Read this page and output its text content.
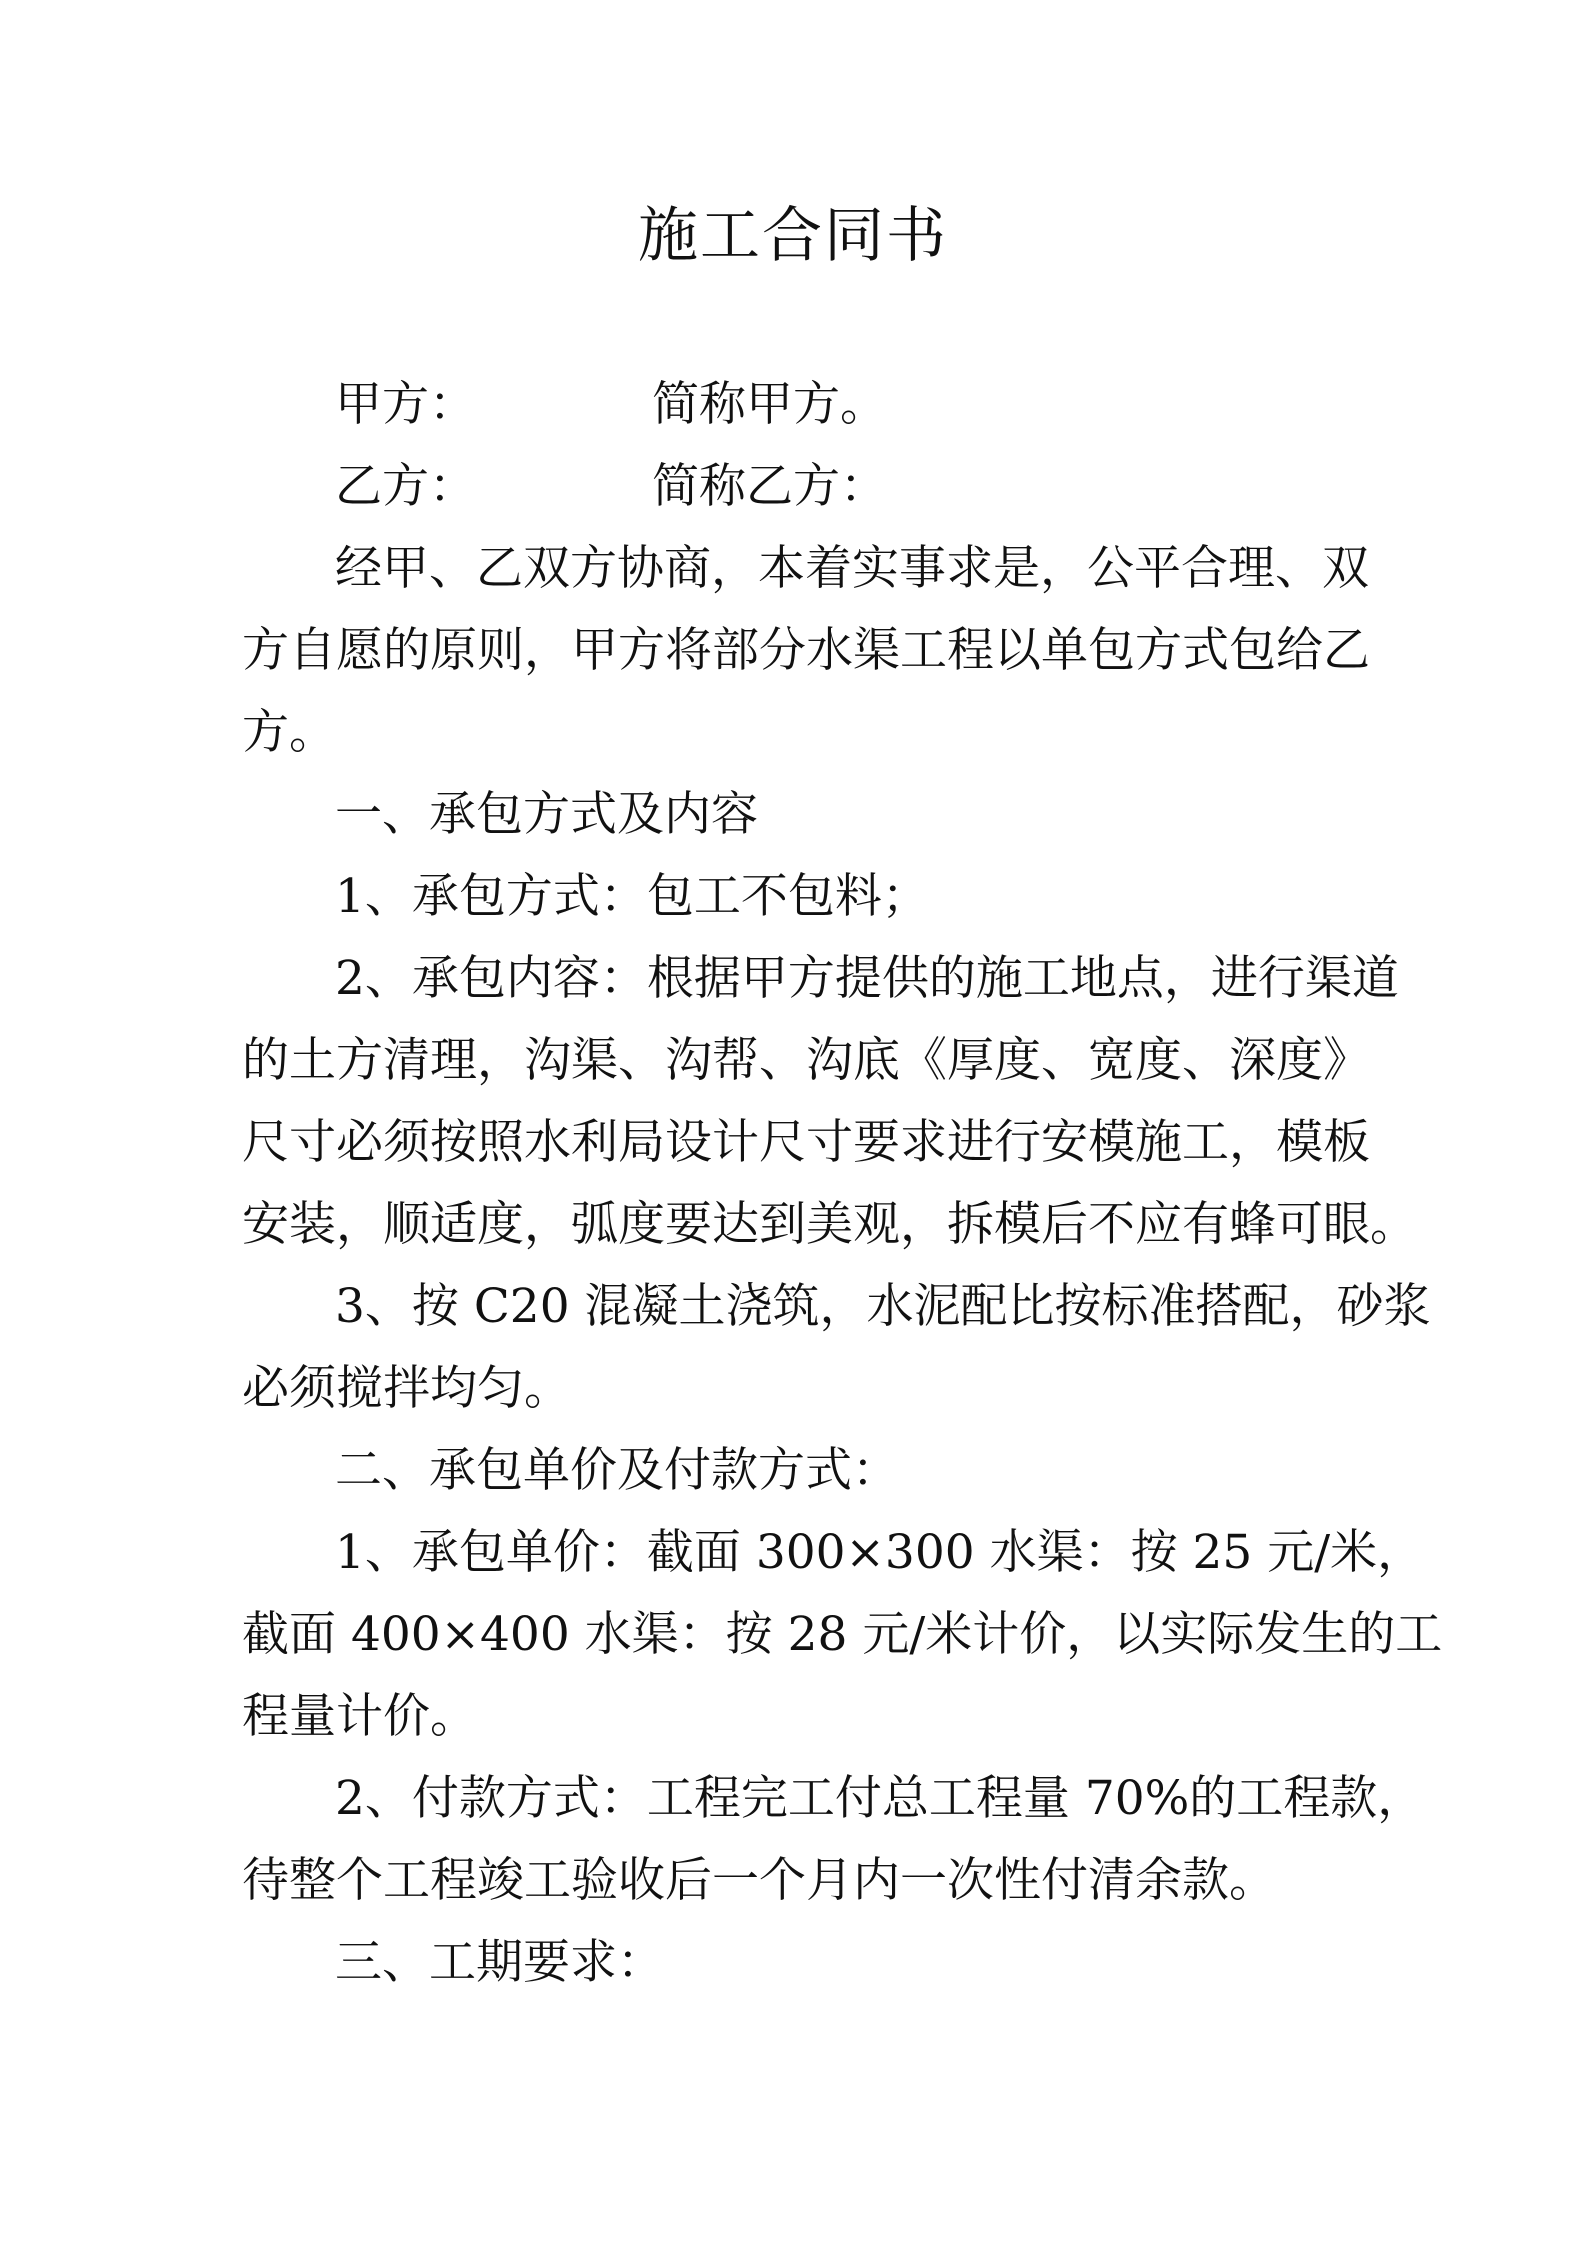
施工合同书
甲方：	简称甲方。
乙方：	简称乙方：
经甲、乙双方协商，本着实事求是，公平合理、双
方自愿的原则，甲方将部分水渠工程以单包方式包给乙
方。
一、承包方式及内容
1、承包方式：包工不包料；
2、承包内容：根据甲方提供的施工地点，进行渠道
的土方清理，沟渠、沟帮、沟底《厚度、宽度、深度》
尺寸必须按照水利局设计尺寸要求进行安模施工，模板
安装，顺适度，弧度要达到美观，拆模后不应有蜂可眼。
3、按 C20 混凝土浇筑，水泥配比按标准搭配，砂浆
必须搅拌均匀。
二、承包单价及付款方式：
1、承包单价：截面 300×300 水渠：按 25 元/米，
截面 400×400 水渠：按 28 元/米计价，以实际发生的工
程量计价。
2、付款方式：工程完工付总工程量 70%的工程款，
待整个工程竣工验收后一个月内一次性付清余款。
三、工期要求：
